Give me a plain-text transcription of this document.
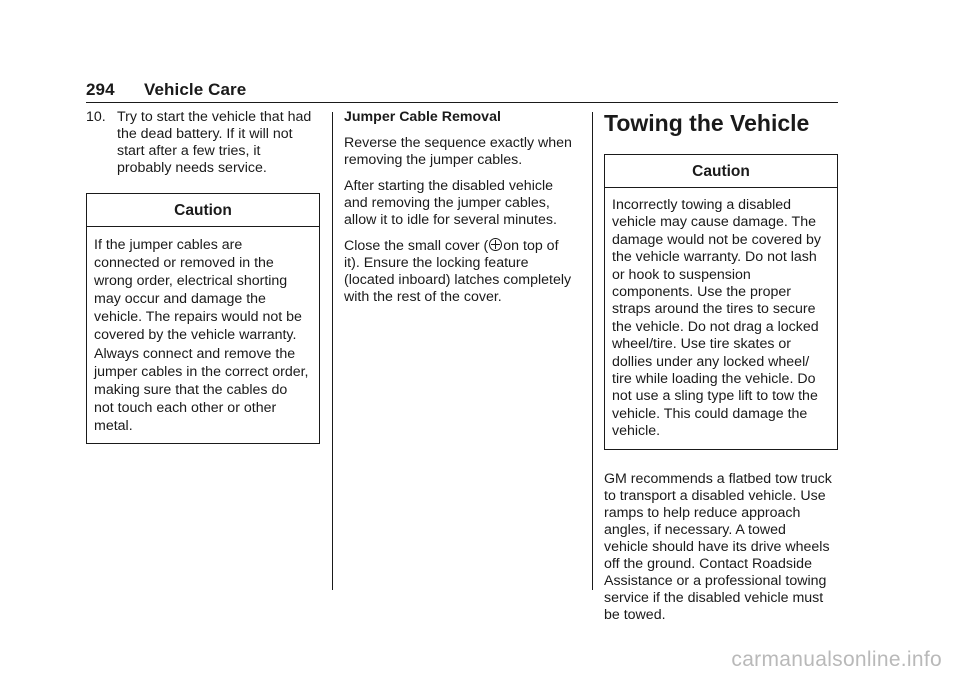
294 Vehicle Care
10. Try to start the vehicle that had

the dead battery. If it will not

start after a few tries, it

probably needs service.

Caution

If the jumper cables are

connected or removed in the

wrong order, electrical shorting

may occur and damage the

vehicle. The repairs would not be

covered by the vehicle warranty.

Always connect and remove the

jumper cables in the correct order,

making sure that the cables do

not touch each other or other

metal.

Jumper Cable Removal

Reverse the sequence exactly when

removing the jumper cables.

After starting the disabled vehicle

and removing the jumper cables,

allow it to idle for several minutes.

Close the small cover ( on top of

it). Ensure the locking feature

(located inboard) latches completely

with the rest of the cover.

Towing the Vehicle
Caution

Incorrectly towing a disabled

vehicle may cause damage. The

damage would not be covered by

the vehicle warranty. Do not lash

or hook to suspension

components. Use the proper

straps around the tires to secure

the vehicle. Do not drag a locked

wheel/tire. Use tire skates or

dollies under any locked wheel/

tire while loading the vehicle. Do

not use a sling type lift to tow the

vehicle. This could damage the

vehicle.

GM recommends a flatbed tow truck

to transport a disabled vehicle. Use

ramps to help reduce approach

angles, if necessary. A towed

vehicle should have its drive wheels

off the ground. Contact Roadside

Assistance or a professional towing

service if the disabled vehicle must

be towed.

carmanualsonline.info
